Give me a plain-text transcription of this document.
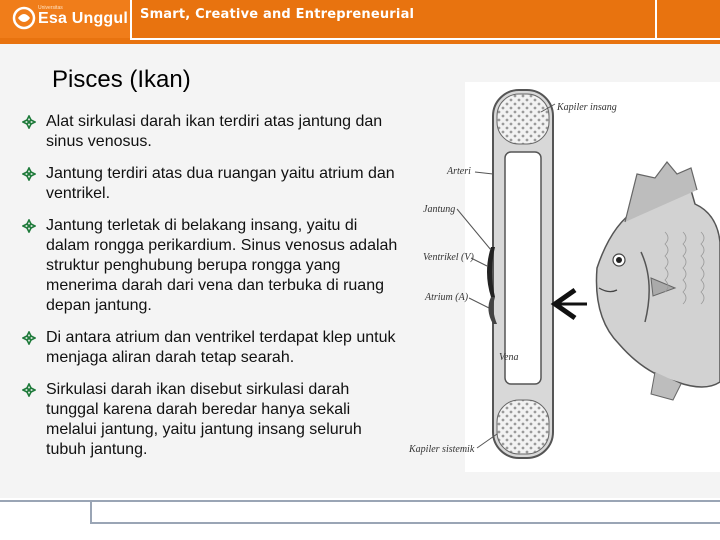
Universitas
Esa Unggul Smart, Creative and Entrepreneurial
Pisces (Ikan)
Alat sirkulasi darah ikan terdiri atas jantung dan sinus venosus.
Jantung terdiri atas dua ruangan yaitu atrium dan ventrikel.
Jantung terletak di belakang insang, yaitu di dalam rongga perikardium. Sinus venosus adalah struktur penghubung berupa rongga yang menerima darah dari vena dan terbuka di ruang depan jantung.
Di antara atrium dan ventrikel terdapat klep untuk menjaga aliran darah tetap searah.
Sirkulasi darah ikan disebut sirkulasi darah tunggal karena darah beredar hanya sekali melalui jantung, yaitu jantung insang seluruh tubuh jantung.
Kapiler insang
Arteri
Jantung
Ventrikel (V)
Atrium (A)
Vena
Kapiler sistemik
